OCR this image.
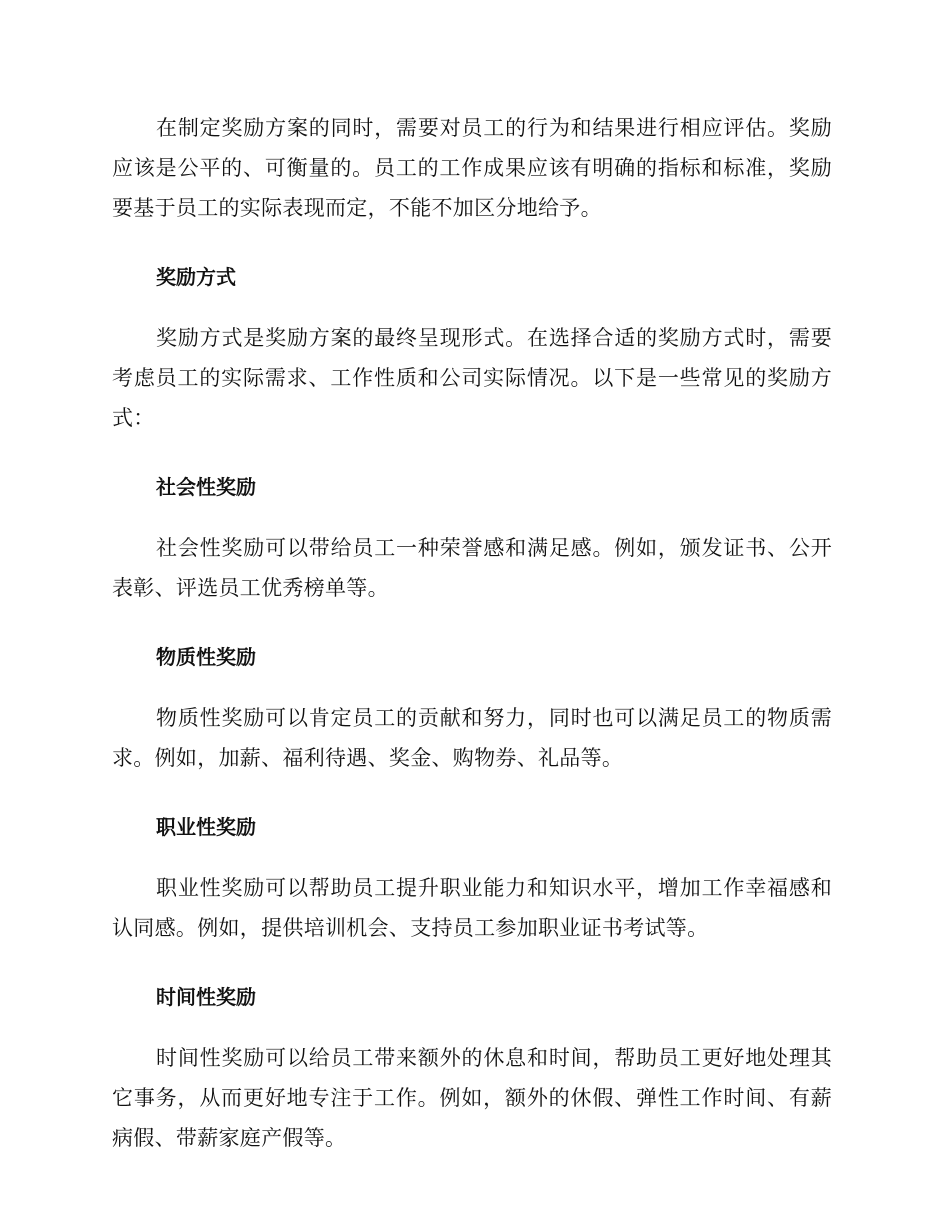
在制定奖励方案的同时，需要对员工的行为和结果进行相应评估。奖励应该是公平的、可衡量的。员工的工作成果应该有明确的指标和标准，奖励要基于员工的实际表现而定，不能不加区分地给予。

奖励方式

奖励方式是奖励方案的最终呈现形式。在选择合适的奖励方式时，需要考虑员工的实际需求、工作性质和公司实际情况。以下是一些常见的奖励方式：

社会性奖励

社会性奖励可以带给员工一种荣誉感和满足感。例如，颁发证书、公开表彰、评选员工优秀榜单等。

物质性奖励

物质性奖励可以肯定员工的贡献和努力，同时也可以满足员工的物质需求。例如，加薪、福利待遇、奖金、购物券、礼品等。

职业性奖励

职业性奖励可以帮助员工提升职业能力和知识水平，增加工作幸福感和认同感。例如，提供培训机会、支持员工参加职业证书考试等。

时间性奖励

时间性奖励可以给员工带来额外的休息和时间，帮助员工更好地处理其它事务，从而更好地专注于工作。例如，额外的休假、弹性工作时间、有薪病假、带薪家庭产假等。
